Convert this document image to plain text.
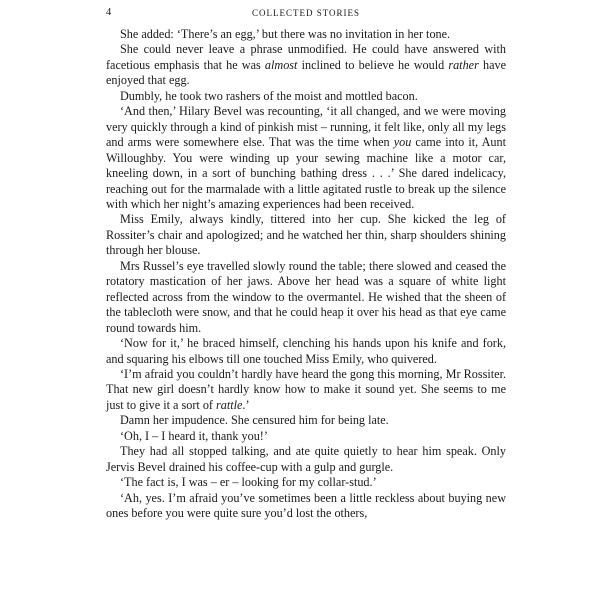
4	COLLECTED STORIES

She added: ‘There’s an egg,’ but there was no invitation in her tone.

She could never leave a phrase unmodified. He could have answered with facetious emphasis that he was almost inclined to believe he would rather have enjoyed that egg.

Dumbly, he took two rashers of the moist and mottled bacon.

‘And then,’ Hilary Bevel was recounting, ‘it all changed, and we were moving very quickly through a kind of pinkish mist – running, it felt like, only all my legs and arms were somewhere else. That was the time when you came into it, Aunt Willoughby. You were winding up your sewing machine like a motor car, kneeling down, in a sort of bunching bathing dress . . .’ She dared indelicacy, reaching out for the marmalade with a little agitated rustle to break up the silence with which her night’s amazing experiences had been received.

Miss Emily, always kindly, tittered into her cup. She kicked the leg of Rossiter’s chair and apologized; and he watched her thin, sharp shoulders shining through her blouse.

Mrs Russel’s eye travelled slowly round the table; there slowed and ceased the rotatory mastication of her jaws. Above her head was a square of white light reflected across from the window to the overmantel. He wished that the sheen of the tablecloth were snow, and that he could heap it over his head as that eye came round towards him.

‘Now for it,’ he braced himself, clenching his hands upon his knife and fork, and squaring his elbows till one touched Miss Emily, who quivered.

‘I’m afraid you couldn’t hardly have heard the gong this morning, Mr Rossiter. That new girl doesn’t hardly know how to make it sound yet. She seems to me just to give it a sort of rattle.’

Damn her impudence. She censured him for being late.

‘Oh, I – I heard it, thank you!’

They had all stopped talking, and ate quite quietly to hear him speak. Only Jervis Bevel drained his coffee-cup with a gulp and gurgle.

‘The fact is, I was – er – looking for my collar-stud.’

‘Ah, yes. I’m afraid you’ve sometimes been a little reckless about buying new ones before you were quite sure you’d lost the others,
